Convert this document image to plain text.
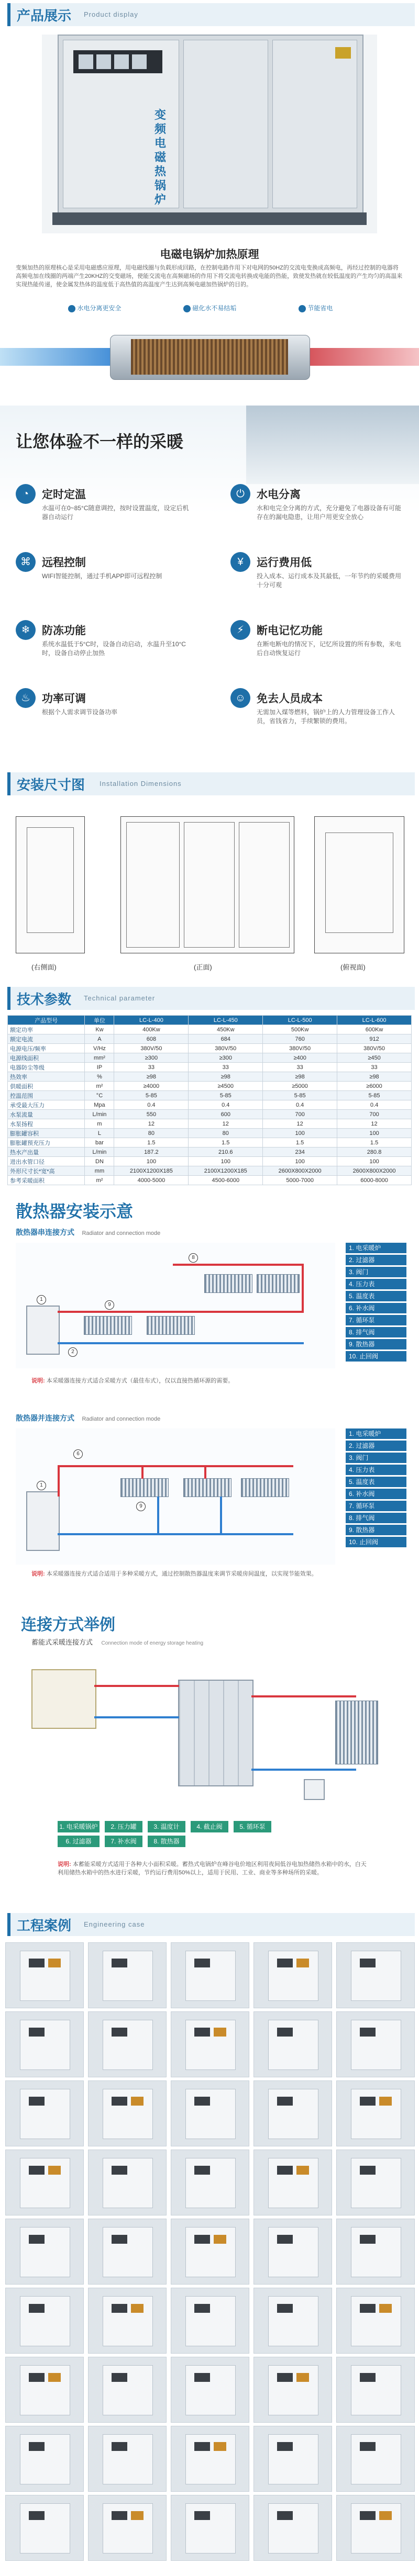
产品展示 Product display
变频电磁热锅炉
电磁电锅炉加热原理
变频加热的原理核心是采用电磁感应原理，用电磁线圈与负载形成回路，在控制电路作用下对电网的50HZ的交流电变换成高频电，再经过控制的电器将高频电加在线圈的两端产生20KHZ的交变磁场，使能交流电在高频磁场的作用下将交流电转换成电能的热能，致使发热就在较低温度的产生均匀的高温来实现热能传递，使金属发热体的温度低于高热值的高温度产生达到高频电磁加热锅炉的目的。
水电分离更安全	磁化水不易结垢	节能省电
让您体验不一样的采暖
◔	定时定温
水温可在0~85°C随意调控，按时设置温度，设定后机器自动运行
⏻	水电分离
水和电完全分离的方式，充分避免了电器设备有可能存在的漏电隐患，让用户用更安全放心
⌘	远程控制
WIFI智能控制，通过手机APP即可远程控制
¥	运行费用低
投入成本、运行成本及其最低，一年节约的采暖费用十分可观
❄	防冻功能
系统水温低于5°C时，设备自动启动，水温升至10°C时，设备自动停止加热
⚡	断电记忆功能
在断电断电的情况下，记忆所设置的所有参数，来电后自动恢复运行
♨	功率可调
根据个人需求调节设备功率
☺ 免去人员成本
无需加入煤等燃料，锅炉上的人力管理设备工作人员，省钱省力，手续繁锁的费用。
安装尺寸图 Installation Dimensions
(右侧面)	(正面)	(俯视面)
技术参数 Technical parameter
产品型号	单位	LC-L-400	LC-L-450	LC-L-500	LC-L-600
额定功率	Kw	400Kw	450Kw	500Kw	600Kw
额定电流	A	608	684	760	912
电源电压/频率	V/Hz	380V/50	380V/50	380V/50	380V/50
电源线面积	mm²	≥300	≥300	≥400	≥450
电器防尘等级	IP	33	33	33	33
热效率	%	≥98	≥98	≥98	≥98
供暖面积	m²	≥4000	≥4500	≥5000	≥6000
控温范围	°C	5-85	5-85	5-85	5-85
承受最大压力	Mpa	0.4	0.4	0.4	0.4
水泵流量	L/min	550	600	700	700
水泵扬程	m	12	12	12	12
膨胀罐容积	L	80	80	100	100
膨胀罐预充压力	bar	1.5	1.5	1.5	1.5
热水产出量	L/min	187.2	210.6	234	280.8
进出水管口径	DN	100	100	100	100
外形尺寸长*宽*高	mm	2100X1200X185	2100X1200X185	2600X800X2000	2600X800X2000
参考采暖面积	m²	4000-5000	4500-6000	5000-7000	6000-8000
散热器安装示意
散热器串连接方式 Radiator and connection mode
1
2
9
8
1. 电采暖炉
2. 过滤器
3. 阀门
4. 压力表
5. 温度表
6. 补水阀
7. 循环泵
8. 排气阀
9. 散热器
10. 止回阀
说明: 本采暖器连接方式适合采暖方式（最佳布式），仅以直接热循环源的需要。
散热器并连接方式 Radiator and connection mode
1
6
9
1. 电采暖炉
2. 过滤器
3. 阀门
4. 压力表
5. 温度表
6. 补水阀
7. 循环泵
8. 排气阀
9. 散热器
10. 止回阀
说明: 本采暖器连接方式适合适用于多种采暖方式，通过控制散热器温度来调节采暖房间温度，以实现节能效果。
连接方式举例
蓄能式采暖连接方式 Connection mode of energy storage heating
1. 电采暖锅炉	2. 压力罐	3. 温度计	4. 截止阀	5. 循环泵
6. 过滤器	7. 补水阀	8. 散热器
说明: 本蓄能采暖方式适用于各种大小面积采暖。蓄热式电锅炉在峰谷电价地区利用夜间低谷电加热储热水箱中的水，白天利用储热水箱中的热水进行采暖，节约运行费用50%以上，适用于民用、工业、商业等多种场所的采暖。
工程案例 Engineering case
